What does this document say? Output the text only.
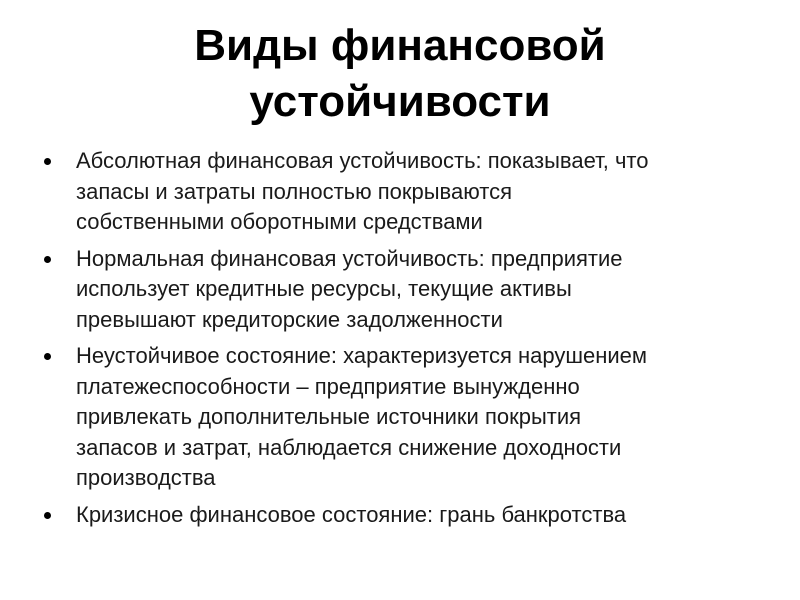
Виды финансовой
устойчивости
Абсолютная финансовая устойчивость: показывает, что
запасы и затраты полностью покрываются
собственными оборотными средствами
Нормальная финансовая устойчивость: предприятие
использует кредитные ресурсы, текущие активы
превышают кредиторские задолженности
Неустойчивое состояние: характеризуется нарушением
платежеспособности – предприятие вынужденно
привлекать дополнительные источники покрытия
запасов и затрат, наблюдается снижение доходности
производства
Кризисное финансовое состояние: грань банкротства
